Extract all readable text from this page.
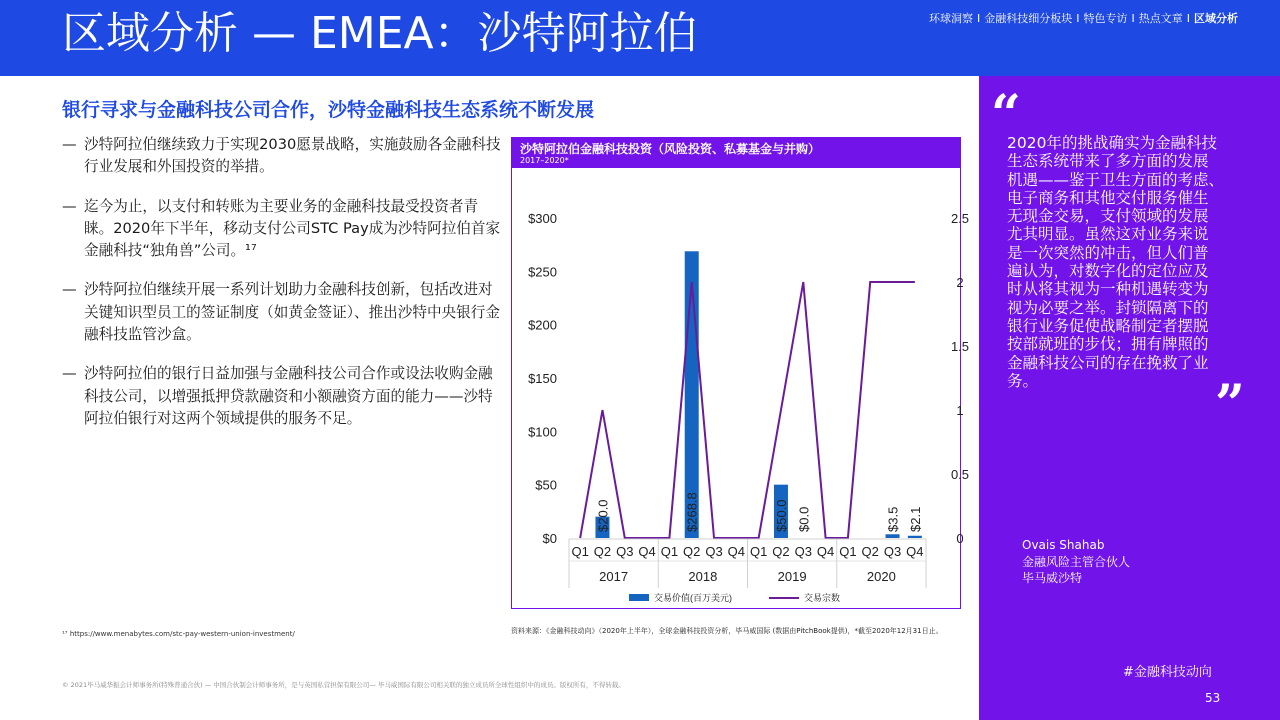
区域分析 — EMEA：沙特阿拉伯	环球洞察 I 金融科技细分板块 I 特色专访 I 热点文章 I 区域分析
银行寻求与金融科技公司合作，沙特金融科技生态系统不断发展
— 沙特阿拉伯继续致力于实现2030愿景战略，实施鼓励各金融科技行业发展和外国投资的举措。
— 迄今为止，以支付和转账为主要业务的金融科技最受投资者青睐。2020年下半年，移动支付公司STC Pay成为沙特阿拉伯首家金融科技“独角兽”公司。¹⁷
— 沙特阿拉伯继续开展一系列计划助力金融科技创新，包括改进对关键知识型员工的签证制度（如黄金签证）、推出沙特中央银行金融科技监管沙盒。
— 沙特阿拉伯的银行日益加强与金融科技公司合作或设法收购金融科技公司，以增强抵押贷款融资和小额融资方面的能力——沙特阿拉伯银行对这两个领域提供的服务不足。
沙特阿拉伯金融科技投资（风险投资、私募基金与并购）
2017–2020*
$0
$50
$100
$150
$200
$250
$300
0
0.5
1
1.5
2
2.5
$20.0	$268.8	$50.0 $0.0	$3.5 $2.1
Q1 Q2 Q3 Q4 Q1 Q2 Q3 Q4 Q1 Q2 Q3 Q4 Q1 Q2 Q3 Q4
2017	2018	2019	2020
交易价值(百万美元)	交易宗数
资料来源：《金融科技动向》（2020年上半年），全球金融科技投资分析，毕马威国际 (数据由PitchBook提供)，*截至2020年12月31日止。
¹⁷ https://www.menabytes.com/stc-pay-western-union-investment/
© 2021毕马威华振会计师事务所(特殊普通合伙) — 中国合伙制会计师事务所，是与英国私营担保有限公司— 毕马威国际有限公司相关联的独立成员所全球性组织中的成员。版权所有，不得转载。
“
2020年的挑战确实为金融科技
生态系统带来了多方面的发展
机遇——鉴于卫生方面的考虑、
电子商务和其他交付服务催生
无现金交易，支付领域的发展
尤其明显。虽然这对业务来说
是一次突然的冲击，但人们普
遍认为，对数字化的定位应及
时从将其视为一种机遇转变为
视为必要之举。封锁隔离下的
银行业务促使战略制定者摆脱
按部就班的步伐；拥有牌照的
金融科技公司的存在挽救了业
务。	”
Ovais Shahab
金融风险主管合伙人
毕马威沙特
#金融科技动向
53
